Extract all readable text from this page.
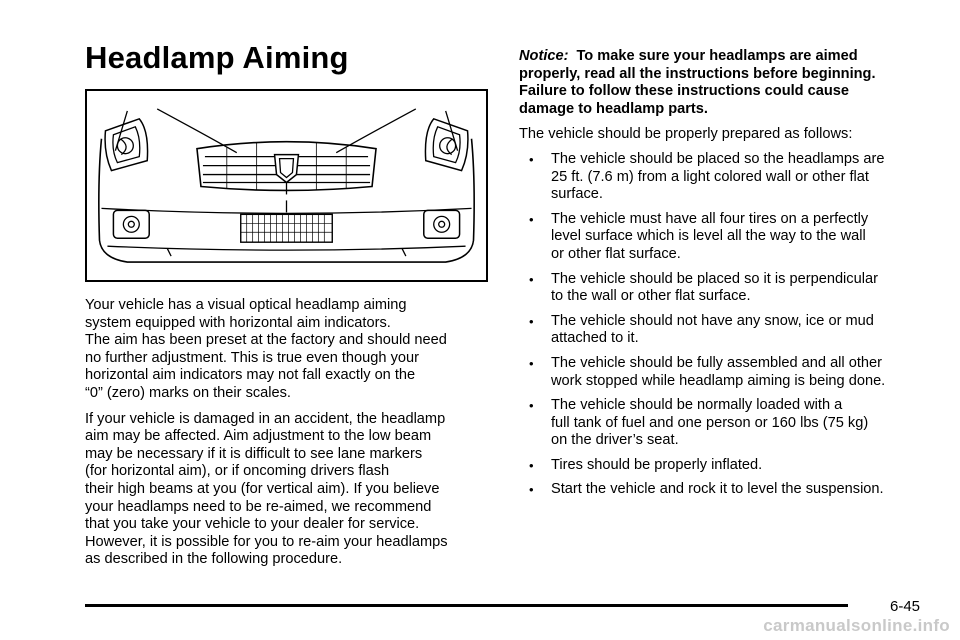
Headlamp Aiming

Your vehicle has a visual optical headlamp aiming
system equipped with horizontal aim indicators.
The aim has been preset at the factory and should need
no further adjustment. This is true even though your
horizontal aim indicators may not fall exactly on the
“0” (zero) marks on their scales.

If your vehicle is damaged in an accident, the headlamp
aim may be affected. Aim adjustment to the low beam
may be necessary if it is difficult to see lane markers
(for horizontal aim), or if oncoming drivers flash
their high beams at you (for vertical aim). If you believe
your headlamps need to be re-aimed, we recommend
that you take your vehicle to your dealer for service.
However, it is possible for you to re-aim your headlamps
as described in the following procedure.

Notice: To make sure your headlamps are aimed
properly, read all the instructions before beginning.
Failure to follow these instructions could cause
damage to headlamp parts.

The vehicle should be properly prepared as follows:

• The vehicle should be placed so the headlamps are
25 ft. (7.6 m) from a light colored wall or other flat
surface.
• The vehicle must have all four tires on a perfectly
level surface which is level all the way to the wall
or other flat surface.
• The vehicle should be placed so it is perpendicular
to the wall or other flat surface.
• The vehicle should not have any snow, ice or mud
attached to it.
• The vehicle should be fully assembled and all other
work stopped while headlamp aiming is being done.
• The vehicle should be normally loaded with a
full tank of fuel and one person or 160 lbs (75 kg)
on the driver’s seat.
• Tires should be properly inflated.
• Start the vehicle and rock it to level the suspension.
6-45
carmanualsonline.info
